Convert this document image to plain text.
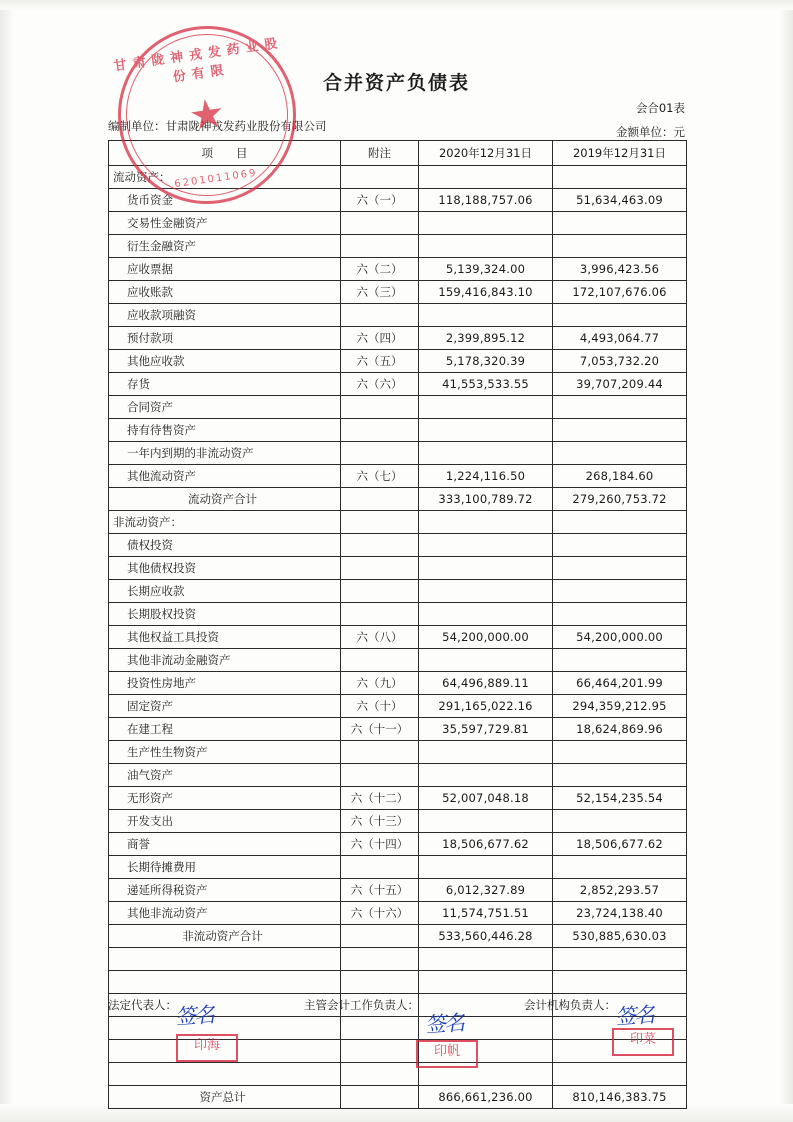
合并资产负债表
会合01表
编制单位：甘肃陇神戎发药业股份有限公司	金额单位：元
项　　目	附注	2020年12月31日	2019年12月31日
流动资产：			
货币资金	六（一）	118,188,757.06	51,634,463.09
交易性金融资产			
衍生金融资产			
应收票据	六（二）	5,139,324.00	3,996,423.56
应收账款	六（三）	159,416,843.10	172,107,676.06
应收款项融资			
预付款项	六（四）	2,399,895.12	4,493,064.77
其他应收款	六（五）	5,178,320.39	7,053,732.20
存货	六（六）	41,553,533.55	39,707,209.44
合同资产			
持有待售资产			
一年内到期的非流动资产			
其他流动资产	六（七）	1,224,116.50	268,184.60
流动资产合计		333,100,789.72	279,260,753.72
非流动资产：			
债权投资			
其他债权投资			
长期应收款			
长期股权投资			
其他权益工具投资	六（八）	54,200,000.00	54,200,000.00
其他非流动金融资产			
投资性房地产	六（九）	64,496,889.11	66,464,201.99
固定资产	六（十）	291,165,022.16	294,359,212.95
在建工程	六（十一）	35,597,729.81	18,624,869.96
生产性生物资产			
油气资产			
无形资产	六（十二）	52,007,048.18	52,154,235.54
开发支出	六（十三）		
商誉	六（十四）	18,506,677.62	18,506,677.62
长期待摊费用			
递延所得税资产	六（十五）	6,012,327.89	2,852,293.57
其他非流动资产	六（十六）	11,574,751.51	23,724,138.40
非流动资产合计		533,560,446.28	530,885,630.03

资产总计		866,661,236.00	810,146,383.75
法定代表人：	主管会计工作负责人：	会计机构负责人：
签名	签名	签名
印海	印帆
印菜
甘肃陇神戎发药业股份有限
★
6201011069
